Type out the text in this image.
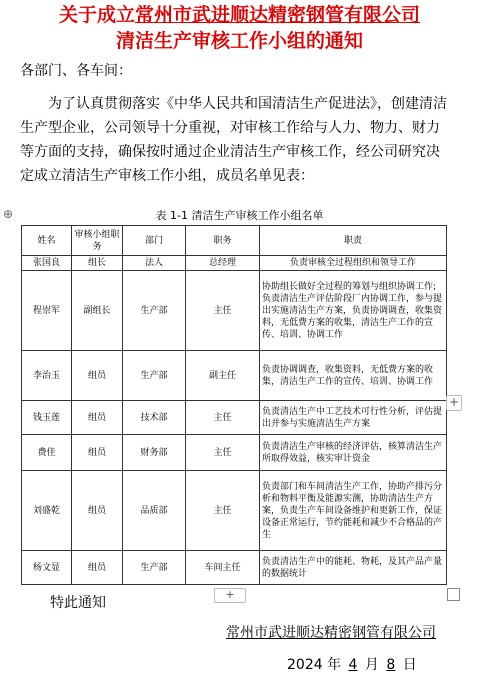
关于成立常州市武进顺达精密钢管有限公司
清洁生产审核工作小组的通知
各部门、各车间：
为了认真贯彻落实《中华人民共和国清洁生产促进法》，创建清洁生产型企业，公司领导十分重视，对审核工作给与人力、物力、财力等方面的支持，确保按时通过企业清洁生产审核工作，经公司研究决定成立清洁生产审核工作小组，成员名单见表：
⊕	表 1-1 清洁生产审核工作小组名单
姓名	审核小组职务	部门	职务	职责
张国良	组长	法人	总经理	负责审核全过程组织和领导工作
程崇军	副组长	生产部	主任	协助组长做好全过程的筹划与组织协调工作;负责清洁生产评估阶段厂内协调工作，参与提出实施清洁生产方案，负责协调调查，收集资料，无低费方案的收集，清洁生产工作的宣传、培训、协调工作
李治玉	组员	生产部	副主任	负责协调调查，收集资料，无低费方案的收集，清洁生产工作的宣传、培训、协调工作
钱玉莲	组员	技术部	主任	负责清洁生产中工艺技术可行性分析，评估提出并参与实施清洁生产方案
费佳	组员	财务部	主任	负责清洁生产审核的经济评估，核算清洁生产所取得效益，核实审计资金
刘盛乾	组员	品质部	主任	负责部门和车间清洁生产工作，协助产排污分析和物料平衡及能源实测，协助清洁生产方案，负责生产车间设备维护和更新工作，保证设备正常运行，节约能耗和减少不合格品的产生
杨文显	组员	生产部	车间主任	负责清洁生产中的能耗、物耗，及其产品产量的数据统计
+
+
特此通知
常州市武进顺达精密钢管有限公司
2024 年 4 月 8 日
